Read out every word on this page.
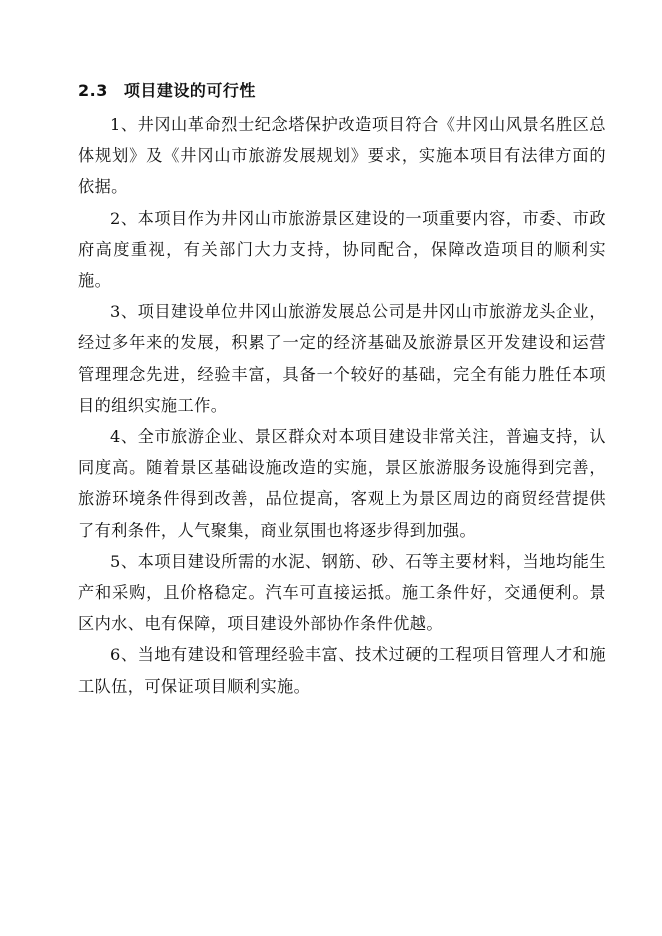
2.3 项目建设的可行性

1、井冈山革命烈士纪念塔保护改造项目符合《井冈山风景名胜区总体规划》及《井冈山市旅游发展规划》要求，实施本项目有法律方面的依据。

2、本项目作为井冈山市旅游景区建设的一项重要内容，市委、市政府高度重视，有关部门大力支持，协同配合，保障改造项目的顺利实施。

3、项目建设单位井冈山旅游发展总公司是井冈山市旅游龙头企业，经过多年来的发展，积累了一定的经济基础及旅游景区开发建设和运营管理理念先进，经验丰富，具备一个较好的基础，完全有能力胜任本项目的组织实施工作。

4、全市旅游企业、景区群众对本项目建设非常关注，普遍支持，认同度高。随着景区基础设施改造的实施，景区旅游服务设施得到完善，旅游环境条件得到改善，品位提高，客观上为景区周边的商贸经营提供了有利条件，人气聚集，商业氛围也将逐步得到加强。

5、本项目建设所需的水泥、钢筋、砂、石等主要材料，当地均能生产和采购，且价格稳定。汽车可直接运抵。施工条件好，交通便利。景区内水、电有保障，项目建设外部协作条件优越。

6、当地有建设和管理经验丰富、技术过硬的工程项目管理人才和施工队伍，可保证项目顺利实施。
